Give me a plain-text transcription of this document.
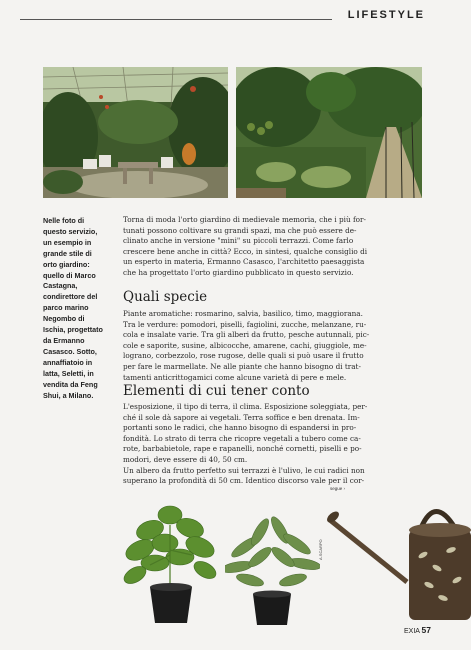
LIFESTYLE
Nelle foto di
questo servizio,
un esempio in
grande stile di
orto giardino:
quello di Marco
Castagna,
condirettore del
parco marino
Negombo di
Ischia, progettato
da Ermanno
Casasco. Sotto,
annaffiatoio in
latta, Seletti, in
vendita da Feng
Shui, a Milano.
Torna di moda l'orto giardino di medievale memoria, che i più for-
tunati possono coltivare su grandi spazi, ma che può essere de-
clinato anche in versione "mini" su piccoli terrazzi. Come farlo
crescere bene anche in città? Ecco, in sintesi, qualche consiglio di
un esperto in materia, Ermanno Casasco, l'architetto paesaggista
che ha progettato l'orto giardino pubblicato in questo servizio.
Quali specie
Piante aromatiche: rosmarino, salvia, basilico, timo, maggiorana.
Tra le verdure: pomodori, piselli, fagiolini, zucche, melanzane, ru-
cola e insalate varie. Tra gli alberi da frutto, pesche autunnali, pic-
cole e saporite, susine, albicocche, amarene, cachi, giuggiole, me-
lograno, corbezzolo, rose rugose, delle quali si può usare il frutto
per fare le marmellate. Ne alle piante che hanno bisogno di trat-
tamenti anticrittogamici come alcune varietà di pere e mele.
Elementi di cui tener conto
L'esposizione, il tipo di terra, il clima. Esposizione soleggiata, per-
ché il sole dà sapore ai vegetali. Terra soffice e ben drenata. Im-
portanti sono le radici, che hanno bisogno di espandersi in pro-
fondità. Lo strato di terra che ricopre vegetali a tubero come ca-
rote, barbabietole, rape e rapanelli, nonché cornetti, piselli e po-
modori, deve essere di 40, 50 cm.
Un albero da frutto perfetto sui terrazzi è l'ulivo, le cui radici non
superano la profondità di 50 cm. Identico discorso vale per il cor-
segue ›
A.SCARPO
EXIA 57
